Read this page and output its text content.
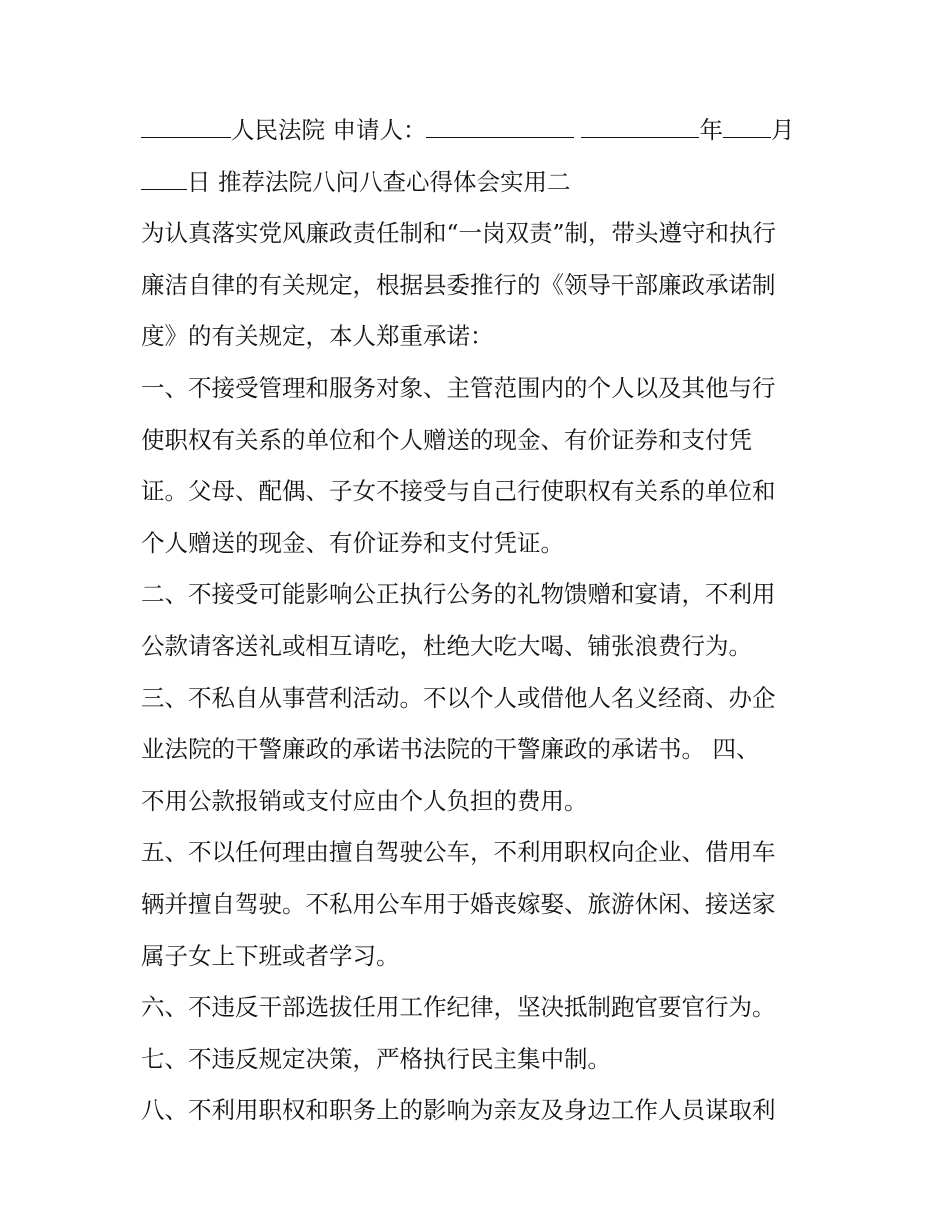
人民法院 申请人：	年 月
日 推荐法院八问八查心得体会实用二
为认真落实党风廉政责任制和“一岗双责”制，带头遵守和执行
廉洁自律的有关规定，根据县委推行的《领导干部廉政承诺制
度》的有关规定，本人郑重承诺：
一、不接受管理和服务对象、主管范围内的个人以及其他与行
使职权有关系的单位和个人赠送的现金、有价证券和支付凭
证。父母、配偶、子女不接受与自己行使职权有关系的单位和
个人赠送的现金、有价证券和支付凭证。
二、不接受可能影响公正执行公务的礼物馈赠和宴请，不利用
公款请客送礼或相互请吃，杜绝大吃大喝、铺张浪费行为。
三、不私自从事营利活动。不以个人或借他人名义经商、办企
业法院的干警廉政的承诺书法院的干警廉政的承诺书。 四、
不用公款报销或支付应由个人负担的费用。
五、不以任何理由擅自驾驶公车，不利用职权向企业、借用车
辆并擅自驾驶。不私用公车用于婚丧嫁娶、旅游休闲、接送家
属子女上下班或者学习。
六、不违反干部选拔任用工作纪律，坚决抵制跑官要官行为。
七、不违反规定决策，严格执行民主集中制。
八、不利用职权和职务上的影响为亲友及身边工作人员谋取利
